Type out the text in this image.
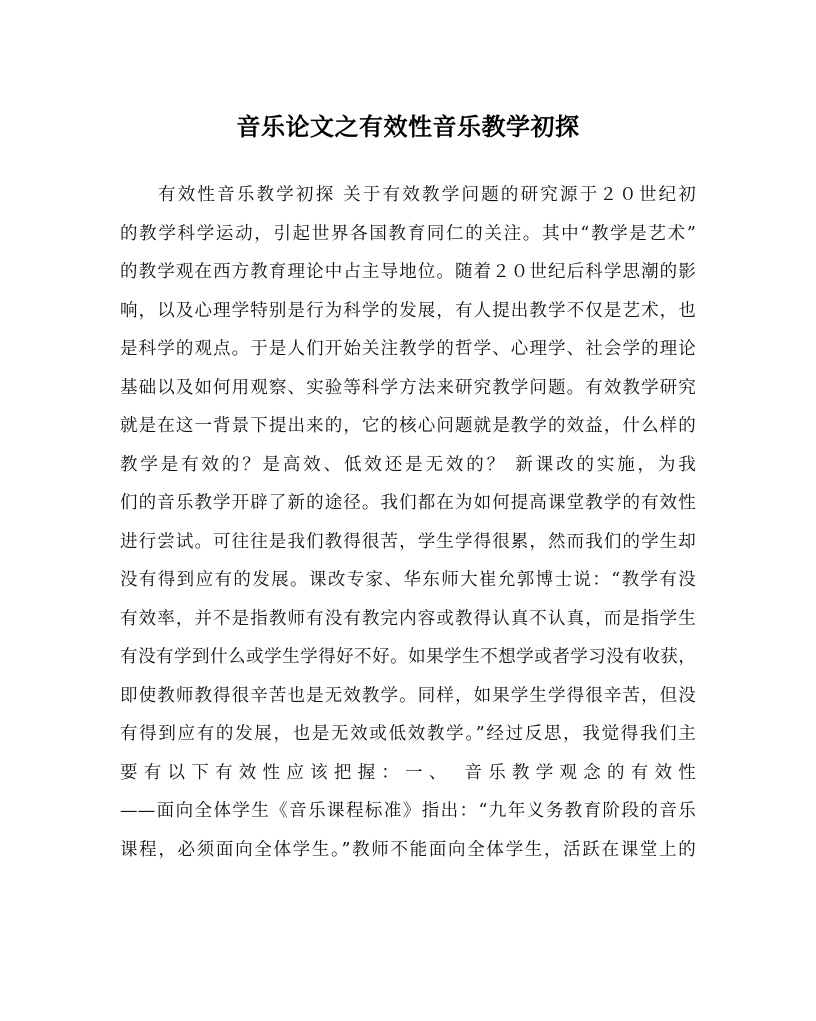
音乐论文之有效性音乐教学初探
有效性音乐教学初探 关于有效教学问题的研究源于２０世纪初
的教学科学运动，引起世界各国教育同仁的关注。其中“教学是艺术”
的教学观在西方教育理论中占主导地位。随着２０世纪后科学思潮的影
响，以及心理学特别是行为科学的发展，有人提出教学不仅是艺术，也
是科学的观点。于是人们开始关注教学的哲学、心理学、社会学的理论
基础以及如何用观察、实验等科学方法来研究教学问题。有效教学研究
就是在这一背景下提出来的，它的核心问题就是教学的效益，什么样的
教学是有效的？是高效、低效还是无效的？ 新课改的实施，为我
们的音乐教学开辟了新的途径。我们都在为如何提高课堂教学的有效性
进行尝试。可往往是我们教得很苦，学生学得很累，然而我们的学生却
没有得到应有的发展。课改专家、华东师大崔允郭博士说：“教学有没
有效率，并不是指教师有没有教完内容或教得认真不认真，而是指学生
有没有学到什么或学生学得好不好。如果学生不想学或者学习没有收获，
即使教师教得很辛苦也是无效教学。同样，如果学生学得很辛苦，但没
有得到应有的发展，也是无效或低效教学。”经过反思，我觉得我们主
要有以下有效性应该把握：一、 音乐教学观念的有效性
——面向全体学生《音乐课程标准》指出：“九年义务教育阶段的音乐
课程，必须面向全体学生。”教师不能面向全体学生，活跃在课堂上的
